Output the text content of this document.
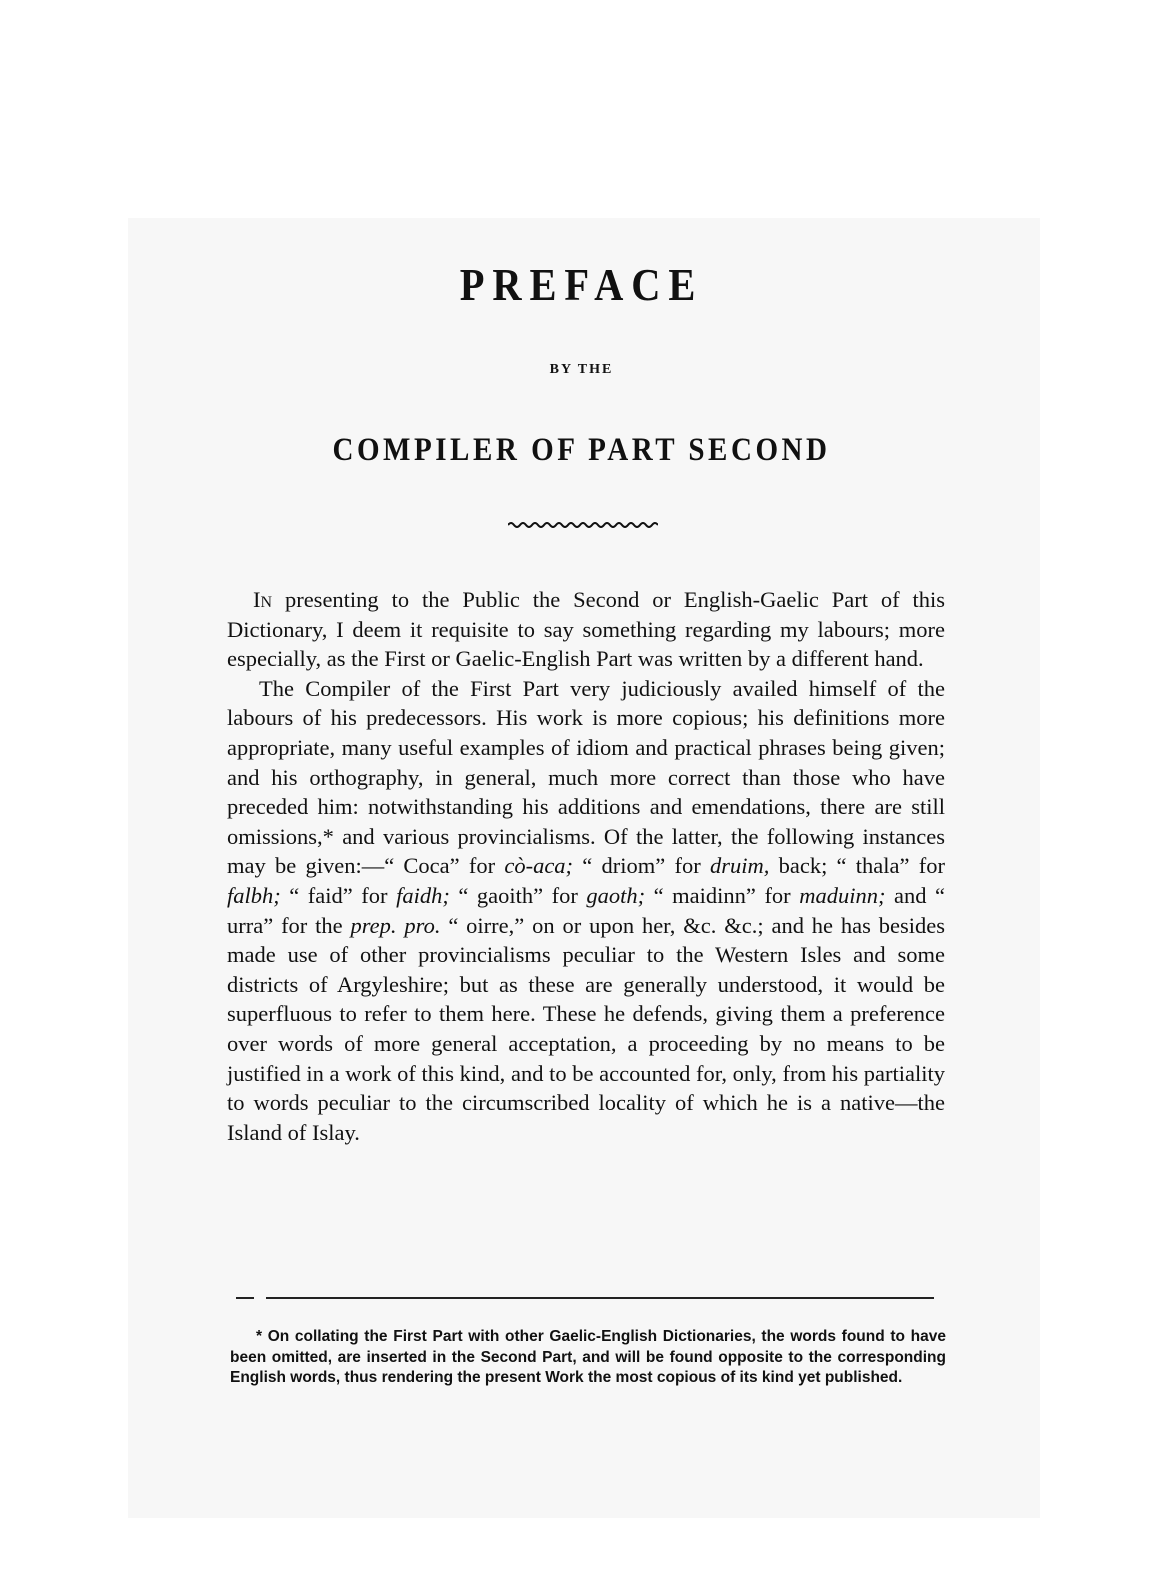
PREFACE
BY THE
COMPILER OF PART SECOND

In presenting to the Public the Second or English-Gaelic Part of this Dictionary, I deem it requisite to say something regarding my labours; more especially, as the First or Gaelic-English Part was written by a different hand.

The Compiler of the First Part very judiciously availed himself of the labours of his predecessors. His work is more copious; his definitions more appropriate, many useful examples of idiom and practical phrases being given; and his orthography, in general, much more correct than those who have preceded him: notwithstanding his additions and emendations, there are still omissions,* and various provincialisms. Of the latter, the following instances may be given:—“ Coca” for cò-aca; “ driom” for druim, back; “ thala” for falbh; “ faid” for faidh; “ gaoith” for gaoth; “ maidinn” for maduinn; and “ urra” for the prep. pro. “ oirre,” on or upon her, &c. &c.; and he has besides made use of other provincialisms peculiar to the Western Isles and some districts of Argyleshire; but as these are generally understood, it would be superfluous to refer to them here. These he defends, giving them a preference over words of more general acceptation, a proceeding by no means to be justified in a work of this kind, and to be accounted for, only, from his partiality to words peculiar to the circumscribed locality of which he is a native—the Island of Islay.

* On collating the First Part with other Gaelic-English Dictionaries, the words found to have been omitted, are inserted in the Second Part, and will be found opposite to the corresponding English words, thus rendering the present Work the most copious of its kind yet published.
